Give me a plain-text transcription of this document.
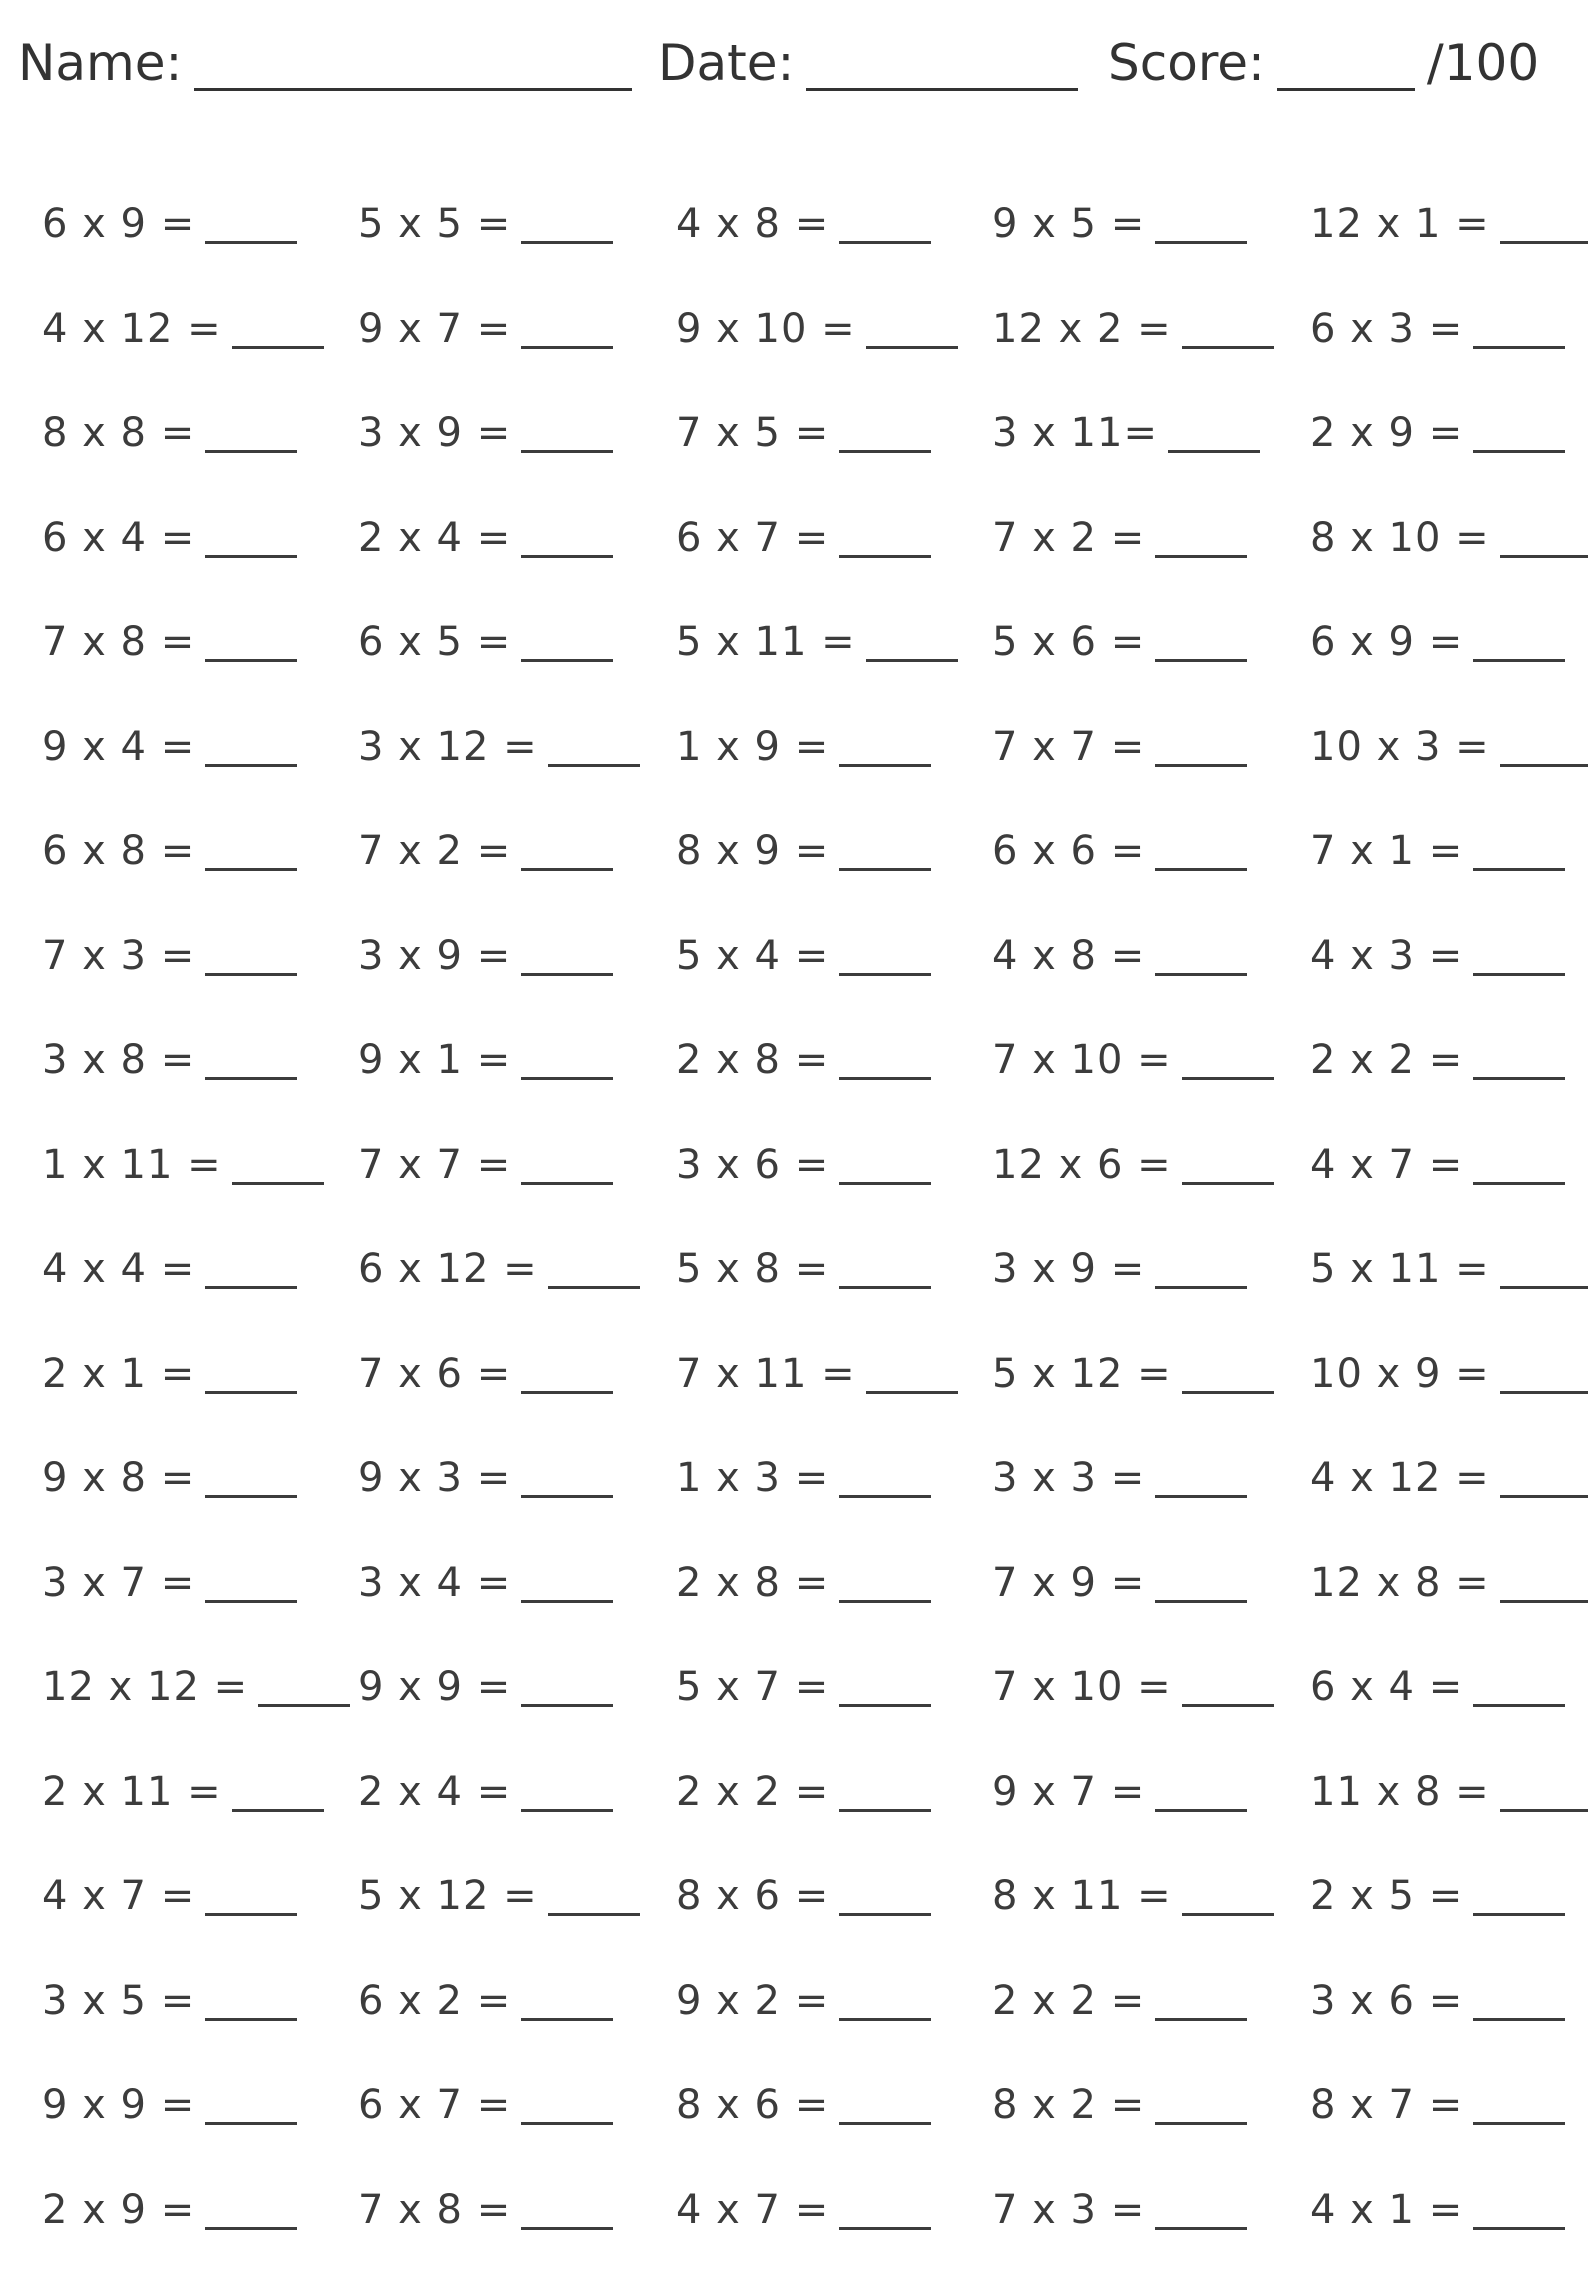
Name:	Date:	Score:	/100
6 x 9 =	5 x 5 =	4 x 8 =	9 x 5 =	12 x 1 =
4 x 12 =	9 x 7 =	9 x 10 =	12 x 2 =	6 x 3 =
8 x 8 =	3 x 9 =	7 x 5 =	3 x 11=	2 x 9 =
6 x 4 =	2 x 4 =	6 x 7 =	7 x 2 =	8 x 10 =
7 x 8 =	6 x 5 =	5 x 11 =	5 x 6 =	6 x 9 =
9 x 4 =	3 x 12 =	1 x 9 =	7 x 7 =	10 x 3 =
6 x 8 =	7 x 2 =	8 x 9 =	6 x 6 =	7 x 1 =
7 x 3 =	3 x 9 =	5 x 4 =	4 x 8 =	4 x 3 =
3 x 8 =	9 x 1 =	2 x 8 =	7 x 10 =	2 x 2 =
1 x 11 =	7 x 7 =	3 x 6 =	12 x 6 =	4 x 7 =
4 x 4 =	6 x 12 =	5 x 8 =	3 x 9 =	5 x 11 =
2 x 1 =	7 x 6 =	7 x 11 =	5 x 12 =	10 x 9 =
9 x 8 =	9 x 3 =	1 x 3 =	3 x 3 =	4 x 12 =
3 x 7 =	3 x 4 =	2 x 8 =	7 x 9 =	12 x 8 =
12 x 12 =	9 x 9 =	5 x 7 =	7 x 10 =	6 x 4 =
2 x 11 =	2 x 4 =	2 x 2 =	9 x 7 =	11 x 8 =
4 x 7 =	5 x 12 =	8 x 6 =	8 x 11 =	2 x 5 =
3 x 5 =	6 x 2 =	9 x 2 =	2 x 2 =	3 x 6 =
9 x 9 =	6 x 7 =	8 x 6 =	8 x 2 =	8 x 7 =
2 x 9 =	7 x 8 =	4 x 7 =	7 x 3 =	4 x 1 =
